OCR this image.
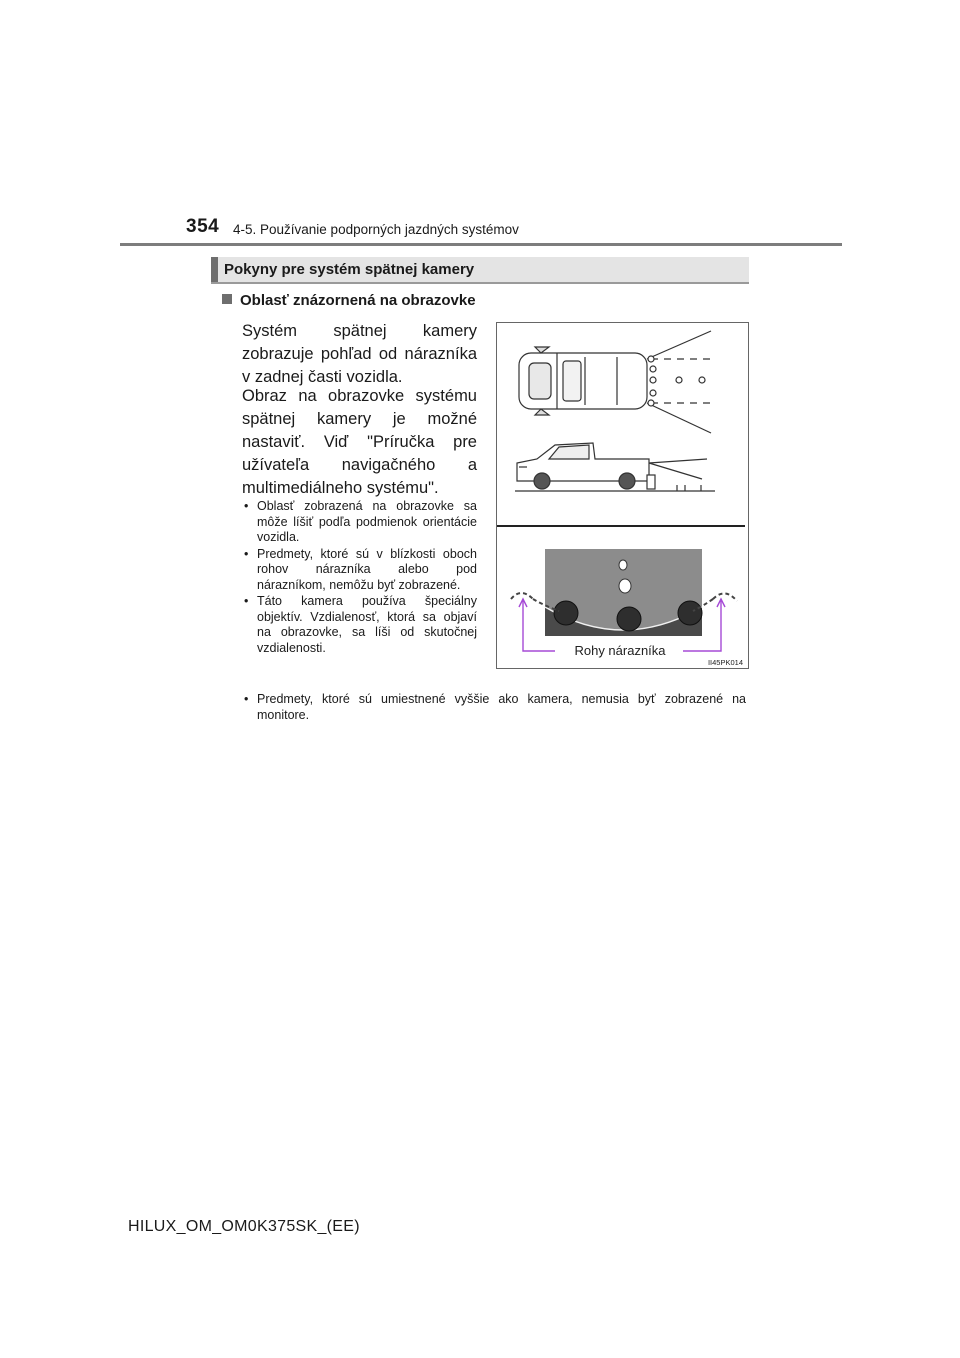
354 4-5. Používanie podporných jazdných systémov
Pokyny pre systém spätnej kamery
Oblasť znázornená na obrazovke
Systém spätnej kamery zobrazuje pohľad od nárazníka v zadnej časti vozidla.
Obraz na obrazovke systému spätnej kamery je možné nastaviť. Viď "Príručka pre užívateľa navigačného a multimediálneho systému".
• Oblasť zobrazená na obrazovke sa môže líšiť podľa podmienok orientácie vozidla.
• Predmety, ktoré sú v blízkosti oboch rohov nárazníka alebo pod nárazníkom, nemôžu byť zobrazené.
• Táto kamera používa špeciálny objektív. Vzdialenosť, ktorá sa objaví na obrazovke, sa líši od skutočnej vzdialenosti.
• Predmety, ktoré sú umiestnené vyššie ako kamera, nemusia byť zobrazené na monitore.
Rohy nárazníka
II45PK014
HILUX_OM_OM0K375SK_(EE)
